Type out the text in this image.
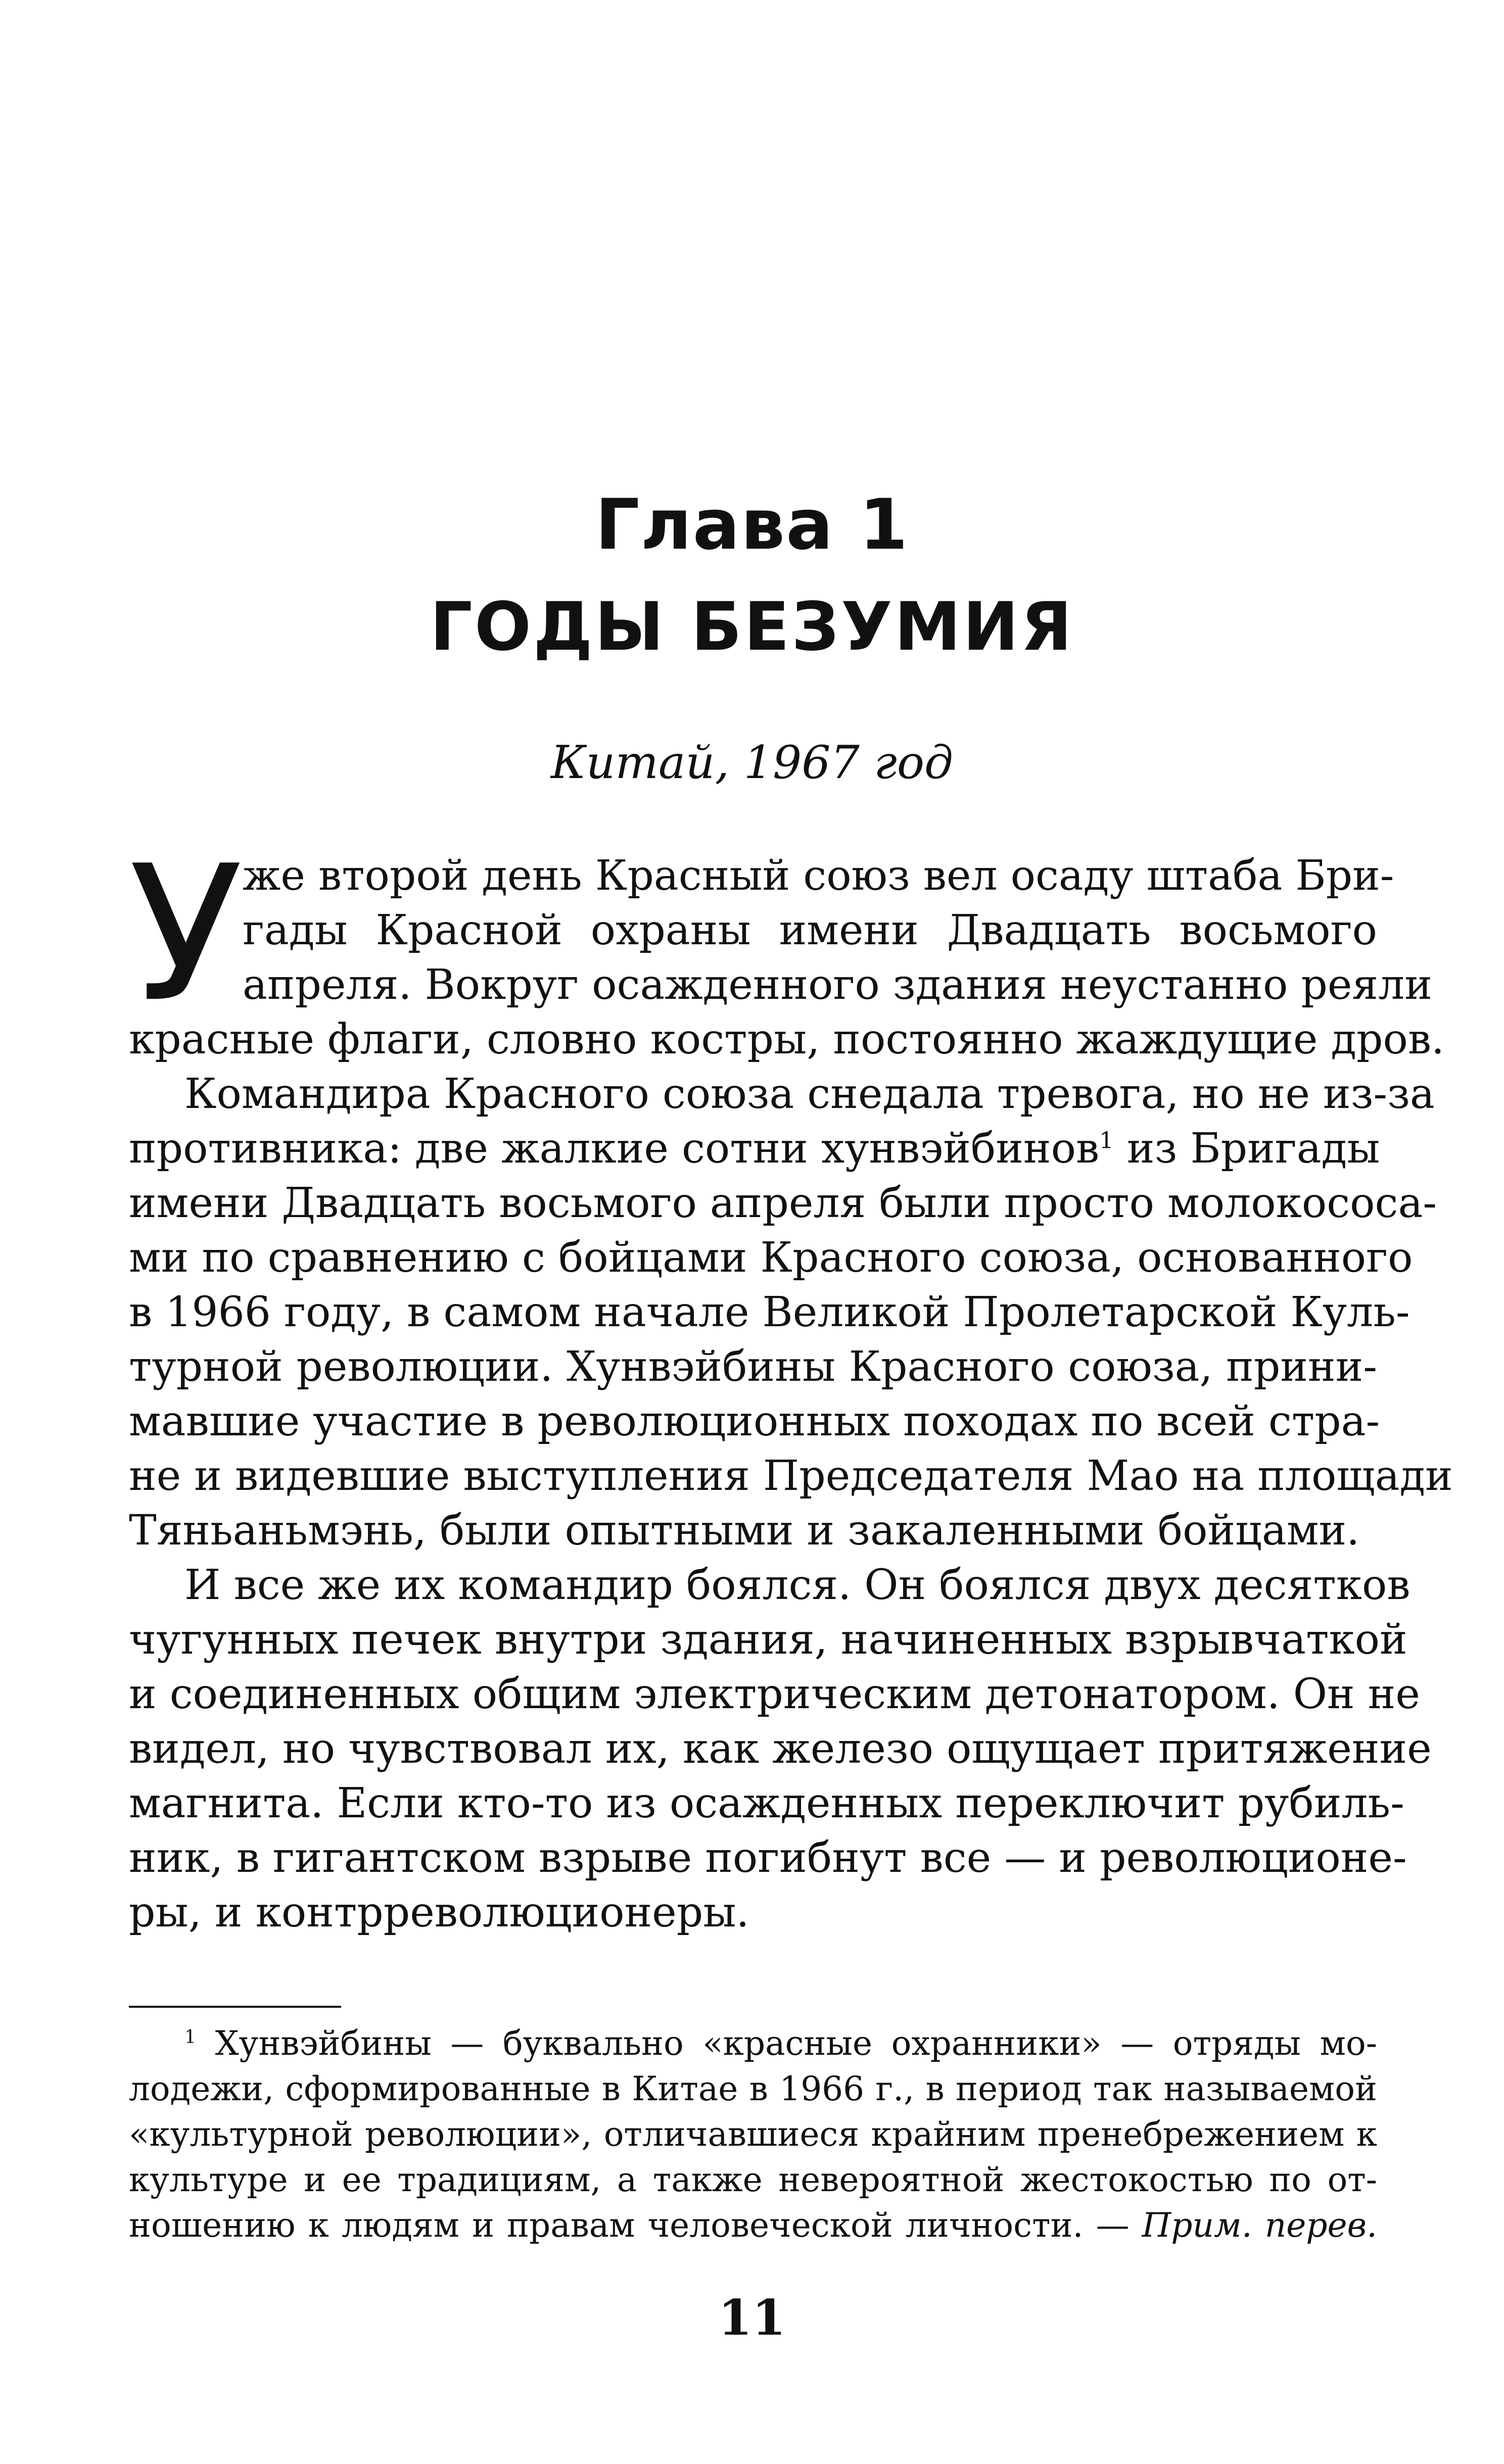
Глава 1
ГОДЫ БЕЗУМИЯ
Китай, 1967 год
У же второй день Красный союз вел осаду штаба Бри-
гады Красной охраны имени Двадцать восьмого
апреля. Вокруг осажденного здания неустанно реяли
красные флаги, словно костры, постоянно жаждущие дров.
Командира Красного союза снедала тревога, но не из-за
противника: две жалкие сотни хунвэйбинов$^1$ из Бригады
имени Двадцать восьмого апреля были просто молокососа-
ми по сравнению с бойцами Красного союза, основанного
в 1966 году, в самом начале Великой Пролетарской Куль-
турной революции. Хунвэйбины Красного союза, прини-
мавшие участие в революционных походах по всей стра-
не и видевшие выступления Председателя Мао на площади
Тяньаньмэнь, были опытными и закаленными бойцами.
И все же их командир боялся. Он боялся двух десятков
чугунных печек внутри здания, начиненных взрывчаткой
и соединенных общим электрическим детонатором. Он не
видел, но чувствовал их, как железо ощущает притяжение
магнита. Если кто-то из осажденных переключит рубиль-
ник, в гигантском взрыве погибнут все — и революционе-
ры, и контрреволюционеры.
$^1$ Хунвэйбины — буквально «красные охранники» — отряды мо-
лодежи, сформированные в Китае в 1966 г., в период так называемой
«культурной революции», отличавшиеся крайним пренебрежением к
культуре и ее традициям, а также невероятной жестокостью по от-
ношению к людям и правам человеческой личности. — Прим. перев.
11
